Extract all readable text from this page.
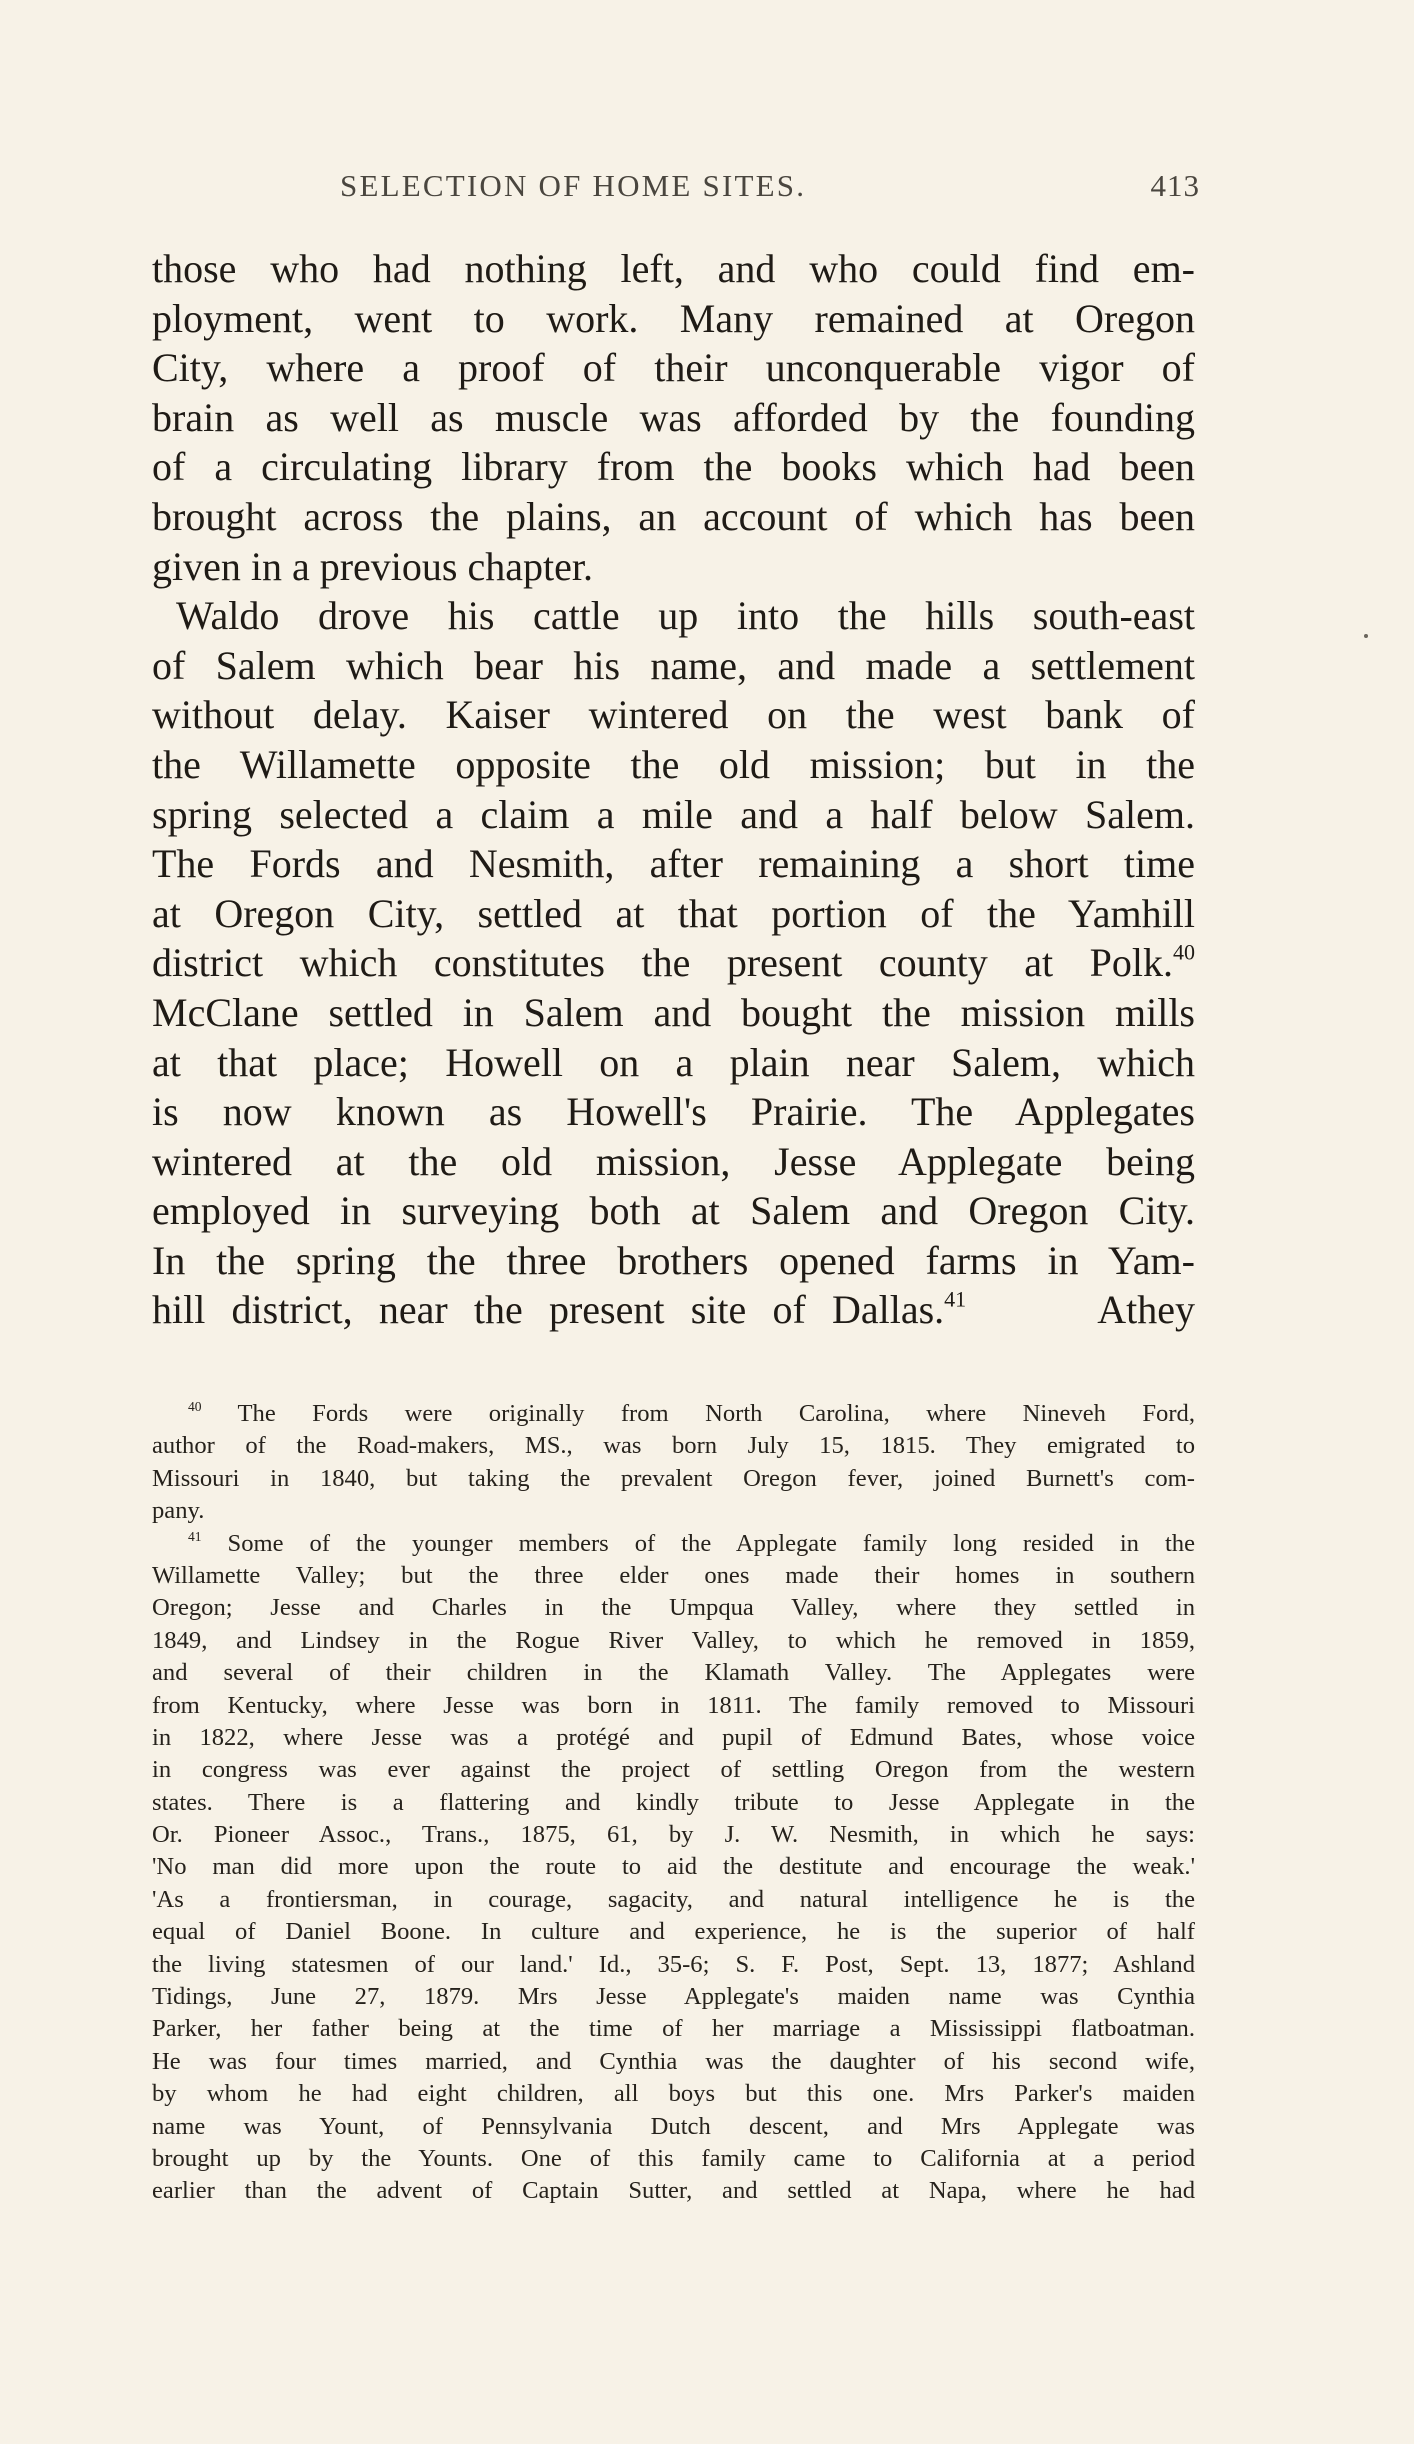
SELECTION OF HOME SITES.	413
those who had nothing left, and who could find em-
ployment, went to work. Many remained at Oregon
City, where a proof of their unconquerable vigor of
brain as well as muscle was afforded by the founding
of a circulating library from the books which had been
brought across the plains, an account of which has been
given in a previous chapter.
Waldo drove his cattle up into the hills south-east
of Salem which bear his name, and made a settlement
without delay. Kaiser wintered on the west bank of
the Willamette opposite the old mission; but in the
spring selected a claim a mile and a half below Salem.
The Fords and Nesmith, after remaining a short time
at Oregon City, settled at that portion of the Yamhill
district which constitutes the present county at Polk.$^{40}$
McClane settled in Salem and bought the mission mills
at that place; Howell on a plain near Salem, which
is now known as Howell's Prairie. The Applegates
wintered at the old mission, Jesse Applegate being
employed in surveying both at Salem and Oregon City.
In the spring the three brothers opened farms in Yam-
hill district, near the present site of Dallas.$^{41}$	Athey
$^{40}$ The Fords were originally from North Carolina, where Nineveh Ford,
author of the Road-makers, MS., was born July 15, 1815. They emigrated to
Missouri in 1840, but taking the prevalent Oregon fever, joined Burnett's com-
pany.
$^{41}$ Some of the younger members of the Applegate family long resided in the
Willamette Valley; but the three elder ones made their homes in southern
Oregon; Jesse and Charles in the Umpqua Valley, where they settled in
1849, and Lindsey in the Rogue River Valley, to which he removed in 1859,
and several of their children in the Klamath Valley. The Applegates were
from Kentucky, where Jesse was born in 1811. The family removed to Missouri
in 1822, where Jesse was a protégé and pupil of Edmund Bates, whose voice
in congress was ever against the project of settling Oregon from the western
states. There is a flattering and kindly tribute to Jesse Applegate in the
Or. Pioneer Assoc., Trans., 1875, 61, by J. W. Nesmith, in which he says:
'No man did more upon the route to aid the destitute and encourage the weak.'
'As a frontiersman, in courage, sagacity, and natural intelligence he is the
equal of Daniel Boone. In culture and experience, he is the superior of half
the living statesmen of our land.' Id., 35-6; S. F. Post, Sept. 13, 1877; Ashland
Tidings, June 27, 1879. Mrs Jesse Applegate's maiden name was Cynthia
Parker, her father being at the time of her marriage a Mississippi flatboatman.
He was four times married, and Cynthia was the daughter of his second wife,
by whom he had eight children, all boys but this one. Mrs Parker's maiden
name was Yount, of Pennsylvania Dutch descent, and Mrs Applegate was
brought up by the Younts. One of this family came to California at a period
earlier than the advent of Captain Sutter, and settled at Napa, where he had
